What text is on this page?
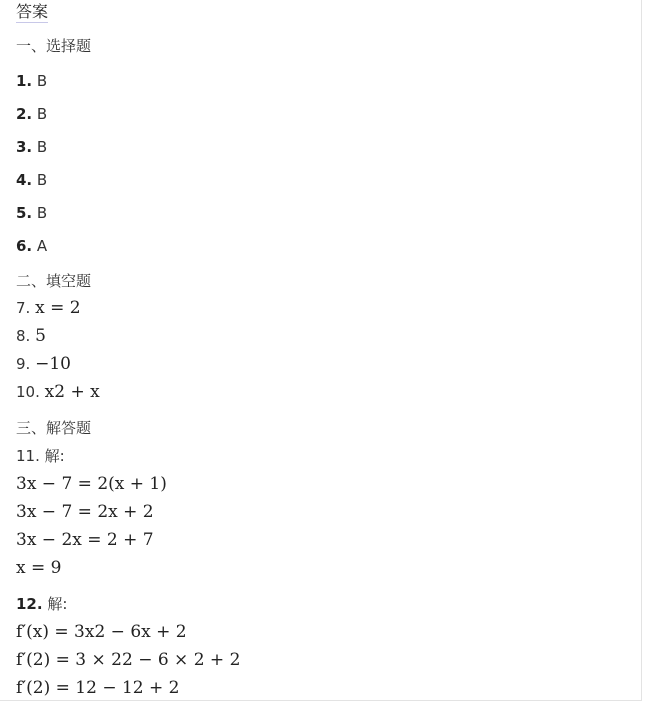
答案
一、选择题
1. B
2. B
3. B
4. B
5. B
6. A
二、填空题
7. x = 2
8. 5
9. −10
10. x2 + x
三、解答题
11. 解:
3x − 7 = 2(x + 1)
3x − 7 = 2x + 2
3x − 2x = 2 + 7
x = 9
12. 解:
f′(x) = 3x2 − 6x + 2
f′(2) = 3 × 22 − 6 × 2 + 2
f′(2) = 12 − 12 + 2
